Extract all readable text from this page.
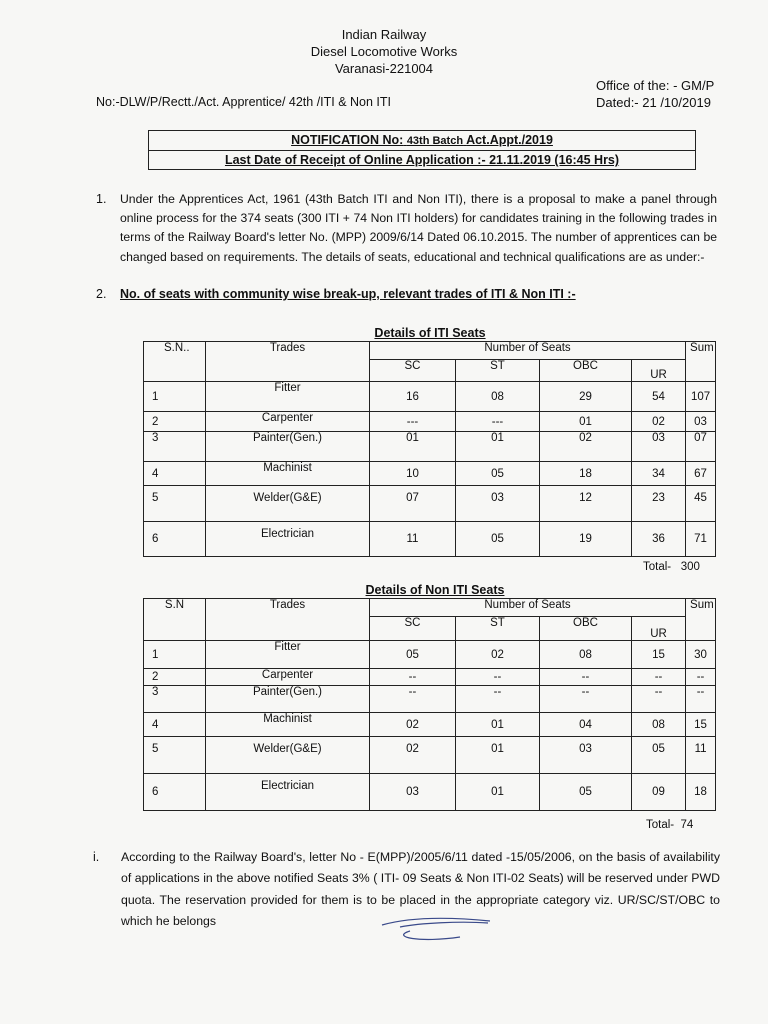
Indian Railway
Diesel Locomotive Works
Varanasi-221004
Office of the: - GM/P
No:-DLW/P/Rectt./Act. Apprentice/ 42th /ITI & Non ITI	Dated:- 21 /10/2019
NOTIFICATION No: 43th Batch Act.Appt./2019
Last Date of Receipt of Online Application :- 21.11.2019 (16:45 Hrs)
1. Under the Apprentices Act, 1961 (43th Batch ITI and Non ITI), there is a proposal to make a panel through online process for the 374 seats (300 ITI + 74 Non ITI holders) for candidates training in the following trades in terms of the Railway Board's letter No. (MPP) 2009/6/14 Dated 06.10.2015. The number of apprentices can be changed based on requirements. The details of seats, educational and technical qualifications are as under:-
2. No. of seats with community wise break-up, relevant trades of ITI & Non ITI :-
Details of ITI Seats
S.N..	Trades	Number of Seats				Sum
		SC	ST	OBC	UR	
1	Fitter	16	08	29	54	107
2	Carpenter	---	---	01	02	03
3	Painter(Gen.)	01	01	02	03	07
4	Machinist	10	05	18	34	67
5	Welder(G&E)	07	03	12	23	45
6	Electrician	11	05	19	36	71
Total-   300
Details of Non ITI Seats
S.N	Trades	Number of Seats				Sum
		SC	ST	OBC	UR	
1	Fitter	05	02	08	15	30
2	Carpenter	--	--	--	--	--
3	Painter(Gen.)	--	--	--	--	--
4	Machinist	02	01	04	08	15
5	Welder(G&E)	02	01	03	05	11
6	Electrician	03	01	05	09	18
Total-  74
i. According to the Railway Board's, letter No - E(MPP)/2005/6/11 dated -15/05/2006, on the basis of availability of applications in the above notified Seats 3% ( ITI- 09 Seats & Non ITI-02 Seats) will be reserved under PWD quota. The reservation provided for them is to be placed in the appropriate category viz. UR/SC/ST/OBC to which he belongs
